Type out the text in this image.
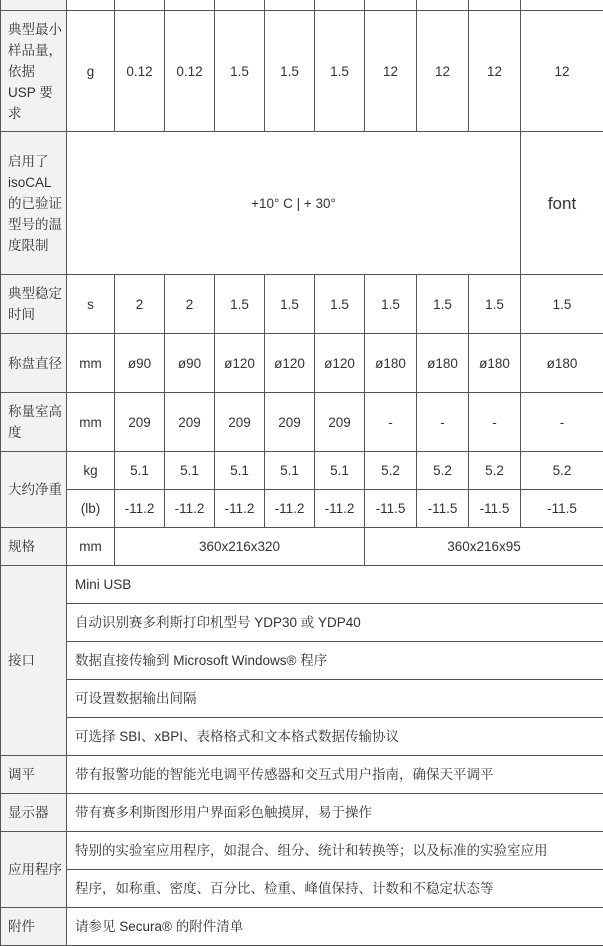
典型最小样品量，依据 USP 要求	g	0.12	0.12	1.5	1.5	1.5	12	12	12	12
启用了 isoCAL 的已验证型号的温度限制	+10° C | + 30°									font
典型稳定时间	s	2	2	1.5	1.5	1.5	1.5	1.5	1.5	1.5
称盘直径	mm	ø90	ø90	ø120	ø120	ø120	ø180	ø180	ø180	ø180
称量室高度	mm	209	209	209	209	209	-	-	-	-
大约净重	kg	5.1	5.1	5.1	5.1	5.1	5.2	5.2	5.2	5.2
	(lb)	-11.2	-11.2	-11.2	-11.2	-11.2	-11.5	-11.5	-11.5	-11.5
规格	mm	360x216x320					360x216x95			
接口	Mini USB									
	自动识别赛多利斯打印机型号 YDP30 或 YDP40									
	数据直接传输到 Microsoft Windows® 程序									
	可设置数据输出间隔									
	可选择 SBI、xBPI、表格格式和文本格式数据传输协议									
调平	带有报警功能的智能光电调平传感器和交互式用户指南，确保天平调平									
显示器	带有赛多利斯图形用户界面彩色触摸屏，易于操作									
应用程序	特别的实验室应用程序，如混合、组分、统计和转换等；以及标准的实验室应用									
	程序，如称重、密度、百分比、检重、峰值保持、计数和不稳定状态等									
附件	请参见 Secura® 的附件清单									
